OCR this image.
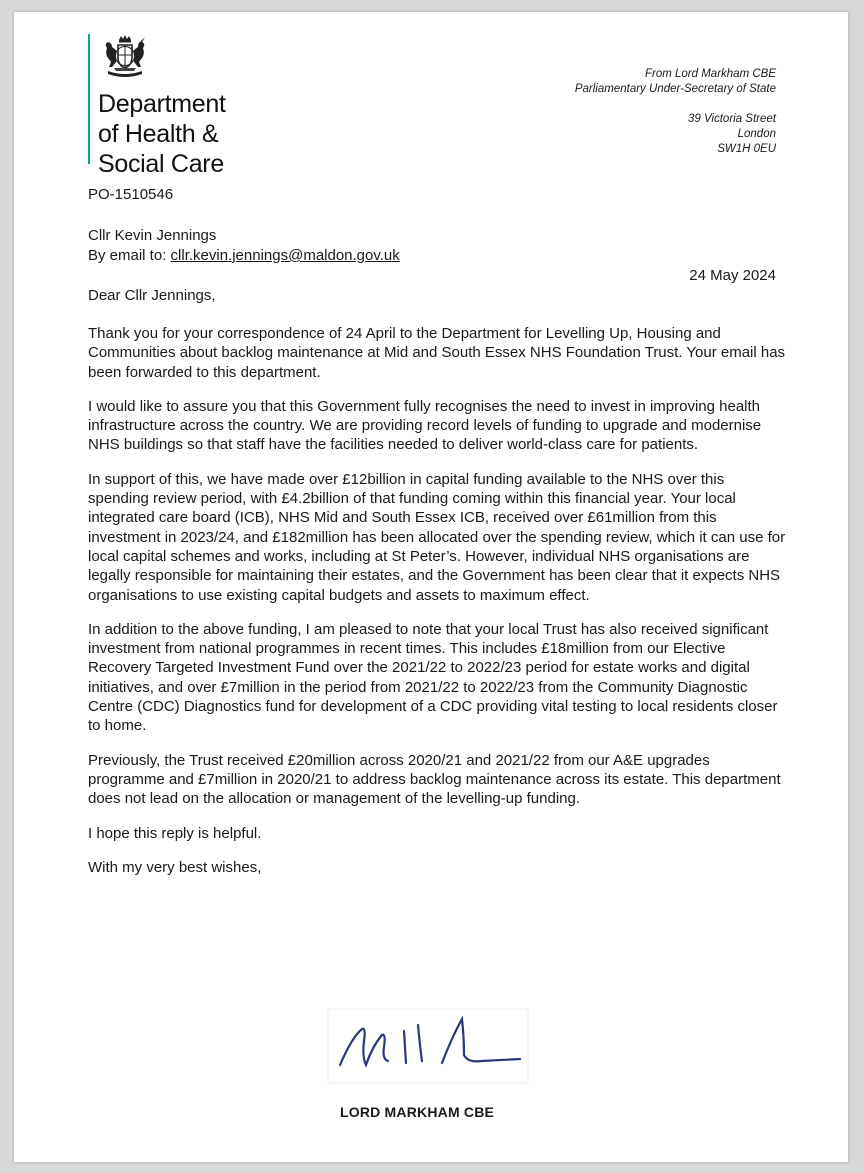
Department
of Health &
Social Care
From Lord Markham CBE
Parliamentary Under-Secretary of State
39 Victoria Street
London
SW1H 0EU
PO-1510546
Cllr Kevin Jennings
By email to: cllr.kevin.jennings@maldon.gov.uk
24 May 2024
Dear Cllr Jennings,

Thank you for your correspondence of 24 April to the Department for Levelling Up, Housing and Communities about backlog maintenance at Mid and South Essex NHS Foundation Trust. Your email has been forwarded to this department.

I would like to assure you that this Government fully recognises the need to invest in improving health infrastructure across the country. We are providing record levels of funding to upgrade and modernise NHS buildings so that staff have the facilities needed to deliver world-class care for patients.

In support of this, we have made over £12billion in capital funding available to the NHS over this spending review period, with £4.2billion of that funding coming within this financial year. Your local integrated care board (ICB), NHS Mid and South Essex ICB, received over £61million from this investment in 2023/24, and £182million has been allocated over the spending review, which it can use for local capital schemes and works, including at St Peter’s. However, individual NHS organisations are legally responsible for maintaining their estates, and the Government has been clear that it expects NHS organisations to use existing capital budgets and assets to maximum effect.

In addition to the above funding, I am pleased to note that your local Trust has also received significant investment from national programmes in recent times. This includes £18million from our Elective Recovery Targeted Investment Fund over the 2021/22 to 2022/23 period for estate works and digital initiatives, and over £7million in the period from 2021/22 to 2022/23 from the Community Diagnostic Centre (CDC) Diagnostics fund for development of a CDC providing vital testing to local residents closer to home.

Previously, the Trust received £20million across 2020/21 and 2021/22 from our A&E upgrades programme and £7million in 2020/21 to address backlog maintenance across its estate. This department does not lead on the allocation or management of the levelling-up funding.

I hope this reply is helpful.

With my very best wishes,

LORD MARKHAM CBE
